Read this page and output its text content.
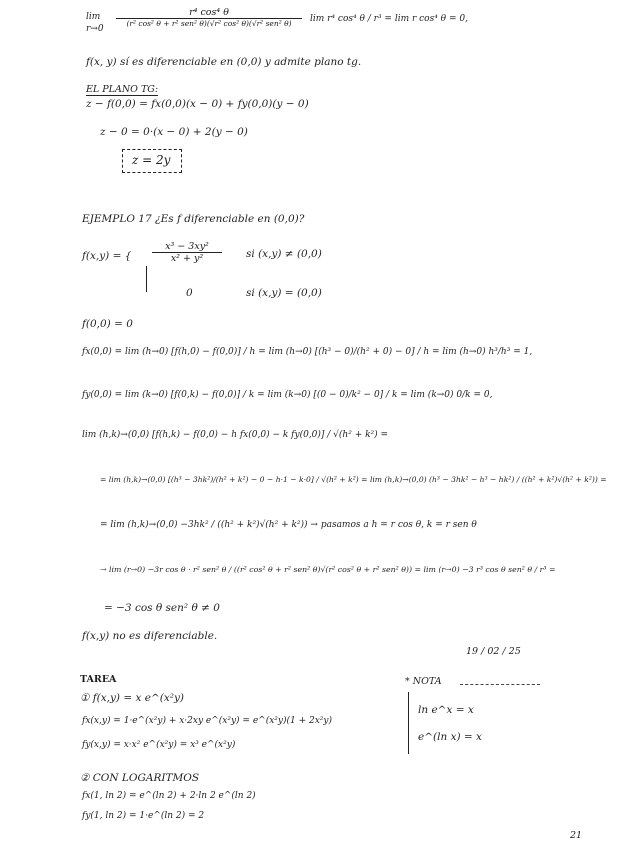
lim
r→0
r⁴ cos⁴ θ
(r² cos² θ + r² sen² θ)(√r² cos² θ)(√r² sen² θ)	lim r⁴ cos⁴ θ / r³ = lim r cos⁴ θ = 0,
f(x, y) sí es diferenciable en (0,0) y admite plano tg.
EL PLANO TG:
z − f(0,0) = fx(0,0)(x − 0) + fy(0,0)(y − 0)
z − 0 = 0·(x − 0) + 2(y − 0)
z = 2y
EJEMPLO 17 ¿Es f diferenciable en (0,0)?
f(x,y) = { $\frac{\text{x³ − 3xy²}}{\text{x² + y²}}$ si (x,y) ≠ (0,0)
0	si (x,y) = (0,0)
f(0,0) = 0
fx(0,0) = lim (h→0) [f(h,0) − f(0,0)] / h = lim (h→0) [(h³ − 0)/(h² + 0) − 0] / h = lim (h→0) h³/h³ = 1,
fy(0,0) = lim (k→0) [f(0,k) − f(0,0)] / k = lim (k→0) [(0 − 0)/k² − 0] / k = lim (k→0) 0/k = 0,
lim (h,k)→(0,0) [f(h,k) − f(0,0) − h fx(0,0) − k fy(0,0)] / √(h² + k²) =
= lim (h,k)→(0,0) [(h³ − 3hk²)/(h² + k²) − 0 − h·1 − k·0] / √(h² + k²) = lim (h,k)→(0,0) (h³ − 3hk² − h³ − hk²) / ((h² + k²)√(h² + k²)) =
= lim (h,k)→(0,0) −3hk² / ((h² + k²)√(h² + k²)) → pasamos a h = r cos θ, k = r sen θ
→ lim (r→0) −3r cos θ · r² sen² θ / ((r² cos² θ + r² sen² θ)√(r² cos² θ + r² sen² θ)) = lim (r→0) −3 r³ cos θ sen² θ / r³ =
= −3 cos θ sen² θ ≠ 0
f(x,y) no es diferenciable.
19 / 02 / 25
TAREA
① f(x,y) = x e^(x²y)
fx(x,y) = 1·e^(x²y) + x·2xy e^(x²y) = e^(x²y)(1 + 2x²y)
fy(x,y) = x·x² e^(x²y) = x³ e^(x²y)
② CON LOGARITMOS
fx(1, ln 2) = e^(ln 2) + 2·ln 2 e^(ln 2)
fy(1, ln 2) = 1·e^(ln 2) = 2
* NOTA
ln e^x = x
e^(ln x) = x
21
